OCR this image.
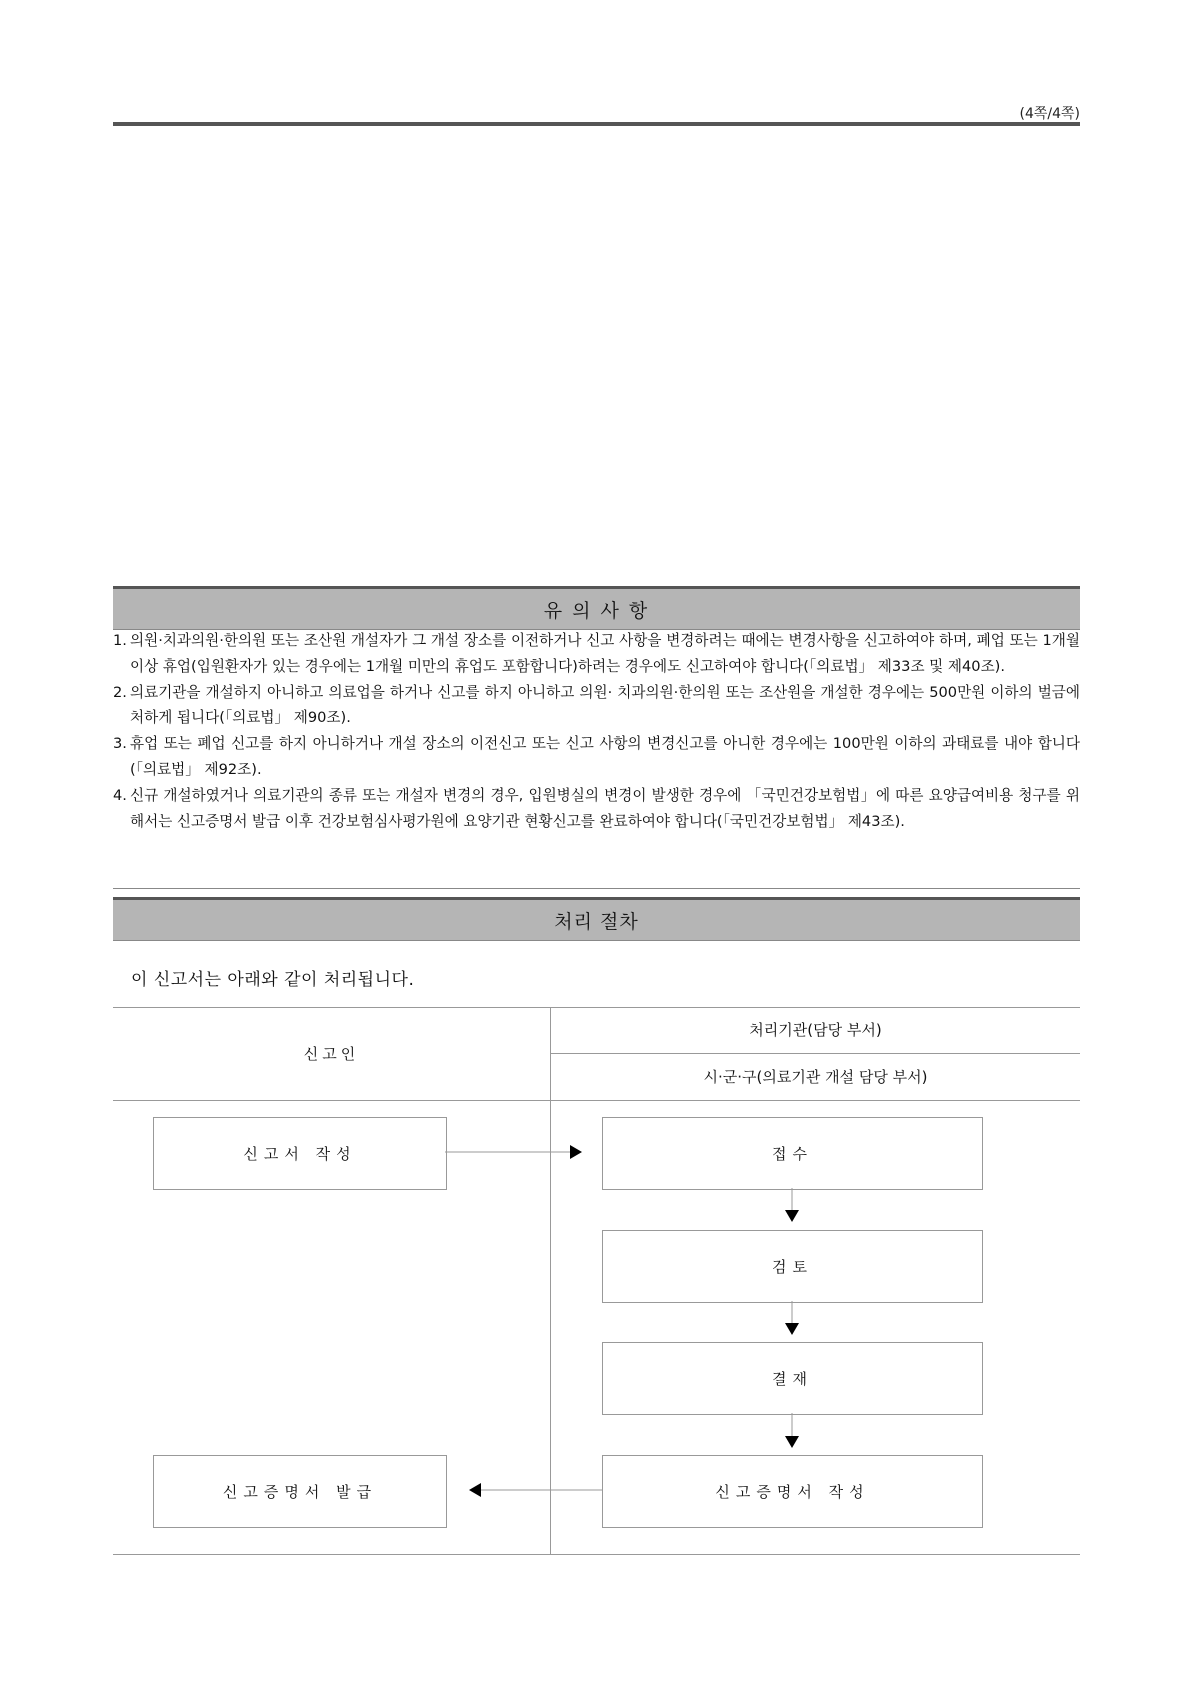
(4쪽/4쪽)
유 의 사 항
1. 의원·치과의원·한의원 또는 조산원 개설자가 그 개설 장소를 이전하거나 신고 사항을 변경하려는 때에는 변경사항을 신고하여야 하며, 폐업 또는 1개월 이상 휴업(입원환자가 있는 경우에는 1개월 미만의 휴업도 포함합니다)하려는 경우에도 신고하여야 합니다(「의료법」 제33조 및 제40조).
2. 의료기관을 개설하지 아니하고 의료업을 하거나 신고를 하지 아니하고 의원· 치과의원·한의원 또는 조산원을 개설한 경우에는 500만원 이하의 벌금에 처하게 됩니다(「의료법」 제90조).
3. 휴업 또는 폐업 신고를 하지 아니하거나 개설 장소의 이전신고 또는 신고 사항의 변경신고를 아니한 경우에는 100만원 이하의 과태료를 내야 합니다(「의료법」 제92조).
4. 신규 개설하였거나 의료기관의 종류 또는 개설자 변경의 경우, 입원병실의 변경이 발생한 경우에 「국민건강보험법」에 따른 요양급여비용 청구를 위해서는 신고증명서 발급 이후 건강보험심사평가원에 요양기관 현황신고를 완료하여야 합니다(「국민건강보험법」 제43조).
처리 절차
이 신고서는 아래와 같이 처리됩니다.
신고인
처리기관(담당 부서)
시·군·구(의료기관 개설 담당 부서)
신고서 작성	접수
검토
결재
신고증명서 작성
신고증명서 발급
